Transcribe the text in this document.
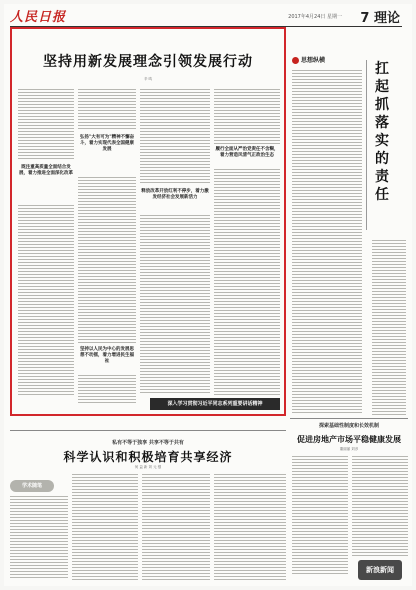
人民日报	2017年4月24日 星期一 7 理论
坚持用新发展理念引领发展行动
辛 鸣
弘扬"大有可为"精神不懈奋斗，着力实现代表全国健康发展	履行全面从严治党责任不含糊，着力营造风清气正政治生态
既注重高质量全面结合发展，着力推进全面深化改革
释放改革开放红利不停步，着力激发经济社会发展新活力
坚持以人民为中心的发展思想不动摇，着力增进民生福祉
深入学习贯彻习近平同志系列重要讲话精神
思想纵横
扛起抓落实的责任
探索基础性制度和长效机制
促进房地产市场平稳健康发展
董丽丽 刘彦
私有不等于独享 共享不等于共有
科学认识和积极培育共享经济
何 益 新 刘 元 强
学术随笔
新浪新闻
